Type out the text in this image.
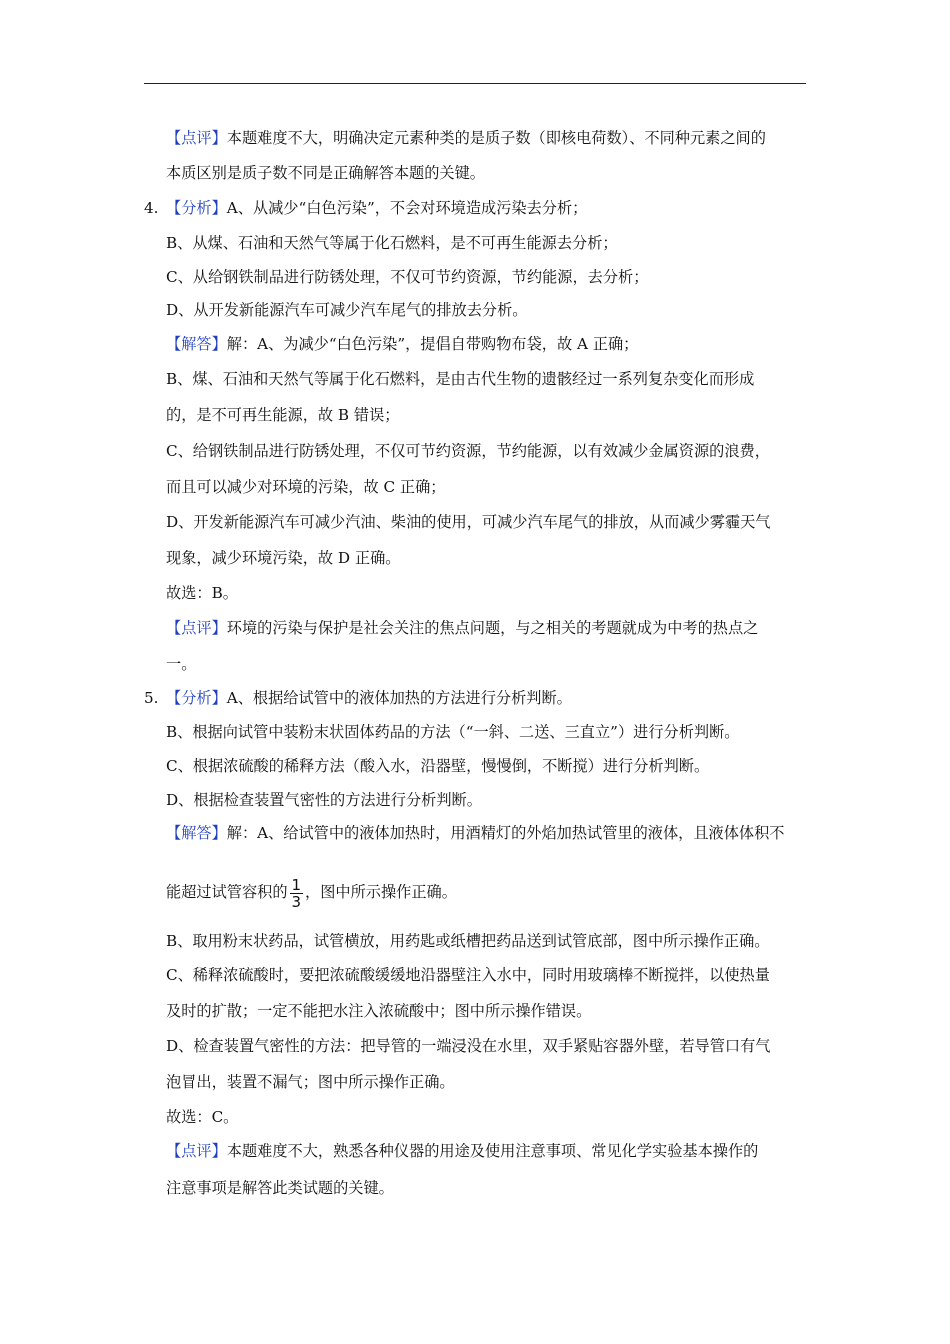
【点评】本题难度不大，明确决定元素种类的是质子数（即核电荷数）、不同种元素之间的
本质区别是质子数不同是正确解答本题的关键。
4. 【分析】A、从减少“白色污染”，不会对环境造成污染去分析；
B、从煤、石油和天然气等属于化石燃料，是不可再生能源去分析；
C、从给钢铁制品进行防锈处理，不仅可节约资源，节约能源，去分析；
D、从开发新能源汽车可减少汽车尾气的排放去分析。
【解答】解：A、为减少“白色污染”，提倡自带购物布袋，故 A 正确；
B、煤、石油和天然气等属于化石燃料，是由古代生物的遗骸经过一系列复杂变化而形成
的，是不可再生能源，故 B 错误；
C、给钢铁制品进行防锈处理，不仅可节约资源，节约能源，以有效减少金属资源的浪费，
而且可以减少对环境的污染，故 C 正确；
D、开发新能源汽车可减少汽油、柴油的使用，可减少汽车尾气的排放，从而减少雾霾天气
现象，减少环境污染，故 D 正确。
故选：B。
【点评】环境的污染与保护是社会关注的焦点问题，与之相关的考题就成为中考的热点之
一。
5. 【分析】A、根据给试管中的液体加热的方法进行分析判断。
B、根据向试管中装粉末状固体药品的方法（“一斜、二送、三直立”）进行分析判断。
C、根据浓硫酸的稀释方法（酸入水，沿器壁，慢慢倒，不断搅）进行分析判断。
D、根据检查装置气密性的方法进行分析判断。
【解答】解：A、给试管中的液体加热时，用酒精灯的外焰加热试管里的液体，且液体体积不
能超过试管容积的 $\frac{1}{3}$ ，图中所示操作正确。
B、取用粉末状药品，试管横放，用药匙或纸槽把药品送到试管底部，图中所示操作正确。
C、稀释浓硫酸时，要把浓硫酸缓缓地沿器壁注入水中，同时用玻璃棒不断搅拌，以使热量
及时的扩散；一定不能把水注入浓硫酸中；图中所示操作错误。
D、检查装置气密性的方法：把导管的一端浸没在水里，双手紧贴容器外壁，若导管口有气
泡冒出，装置不漏气；图中所示操作正确。
故选：C。
【点评】本题难度不大，熟悉各种仪器的用途及使用注意事项、常见化学实验基本操作的
注意事项是解答此类试题的关键。
